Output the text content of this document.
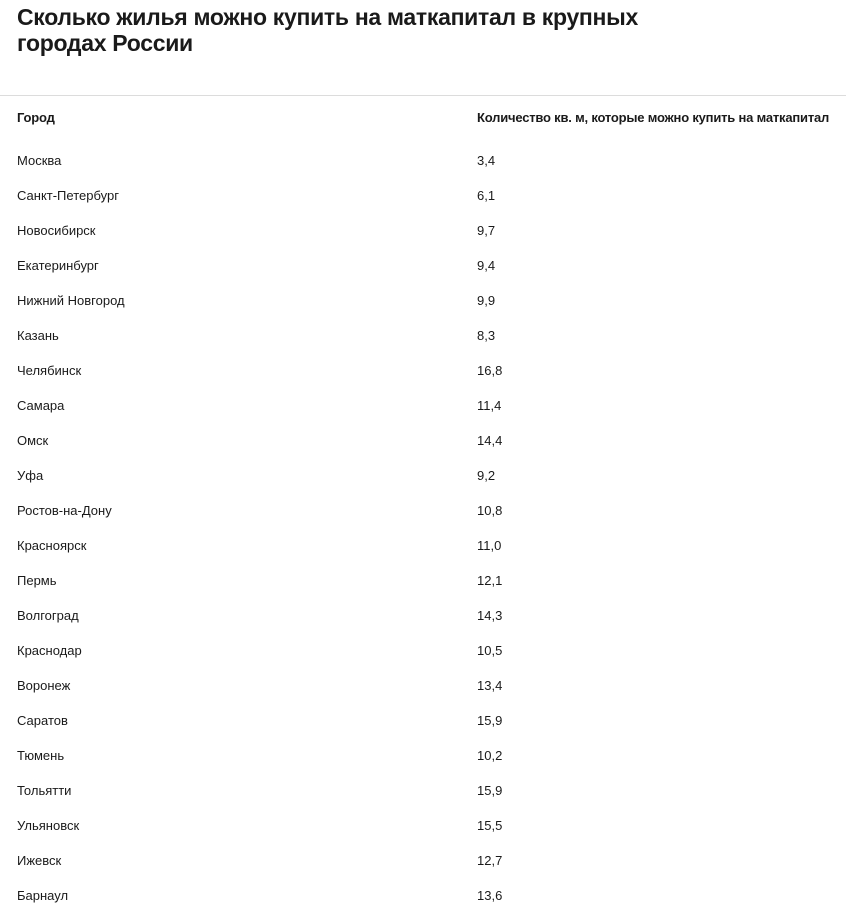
Сколько жилья можно купить на маткапитал в крупных городах России
Город	Количество кв. м, которые можно купить на маткапитал
Москва	3,4
Санкт-Петербург	6,1
Новосибирск	9,7
Екатеринбург	9,4
Нижний Новгород	9,9
Казань	8,3
Челябинск	16,8
Самара	11,4
Омск	14,4
Уфа	9,2
Ростов-на-Дону	10,8
Красноярск	11,0
Пермь	12,1
Волгоград	14,3
Краснодар	10,5
Воронеж	13,4
Саратов	15,9
Тюмень	10,2
Тольятти	15,9
Ульяновск	15,5
Ижевск	12,7
Барнаул	13,6
